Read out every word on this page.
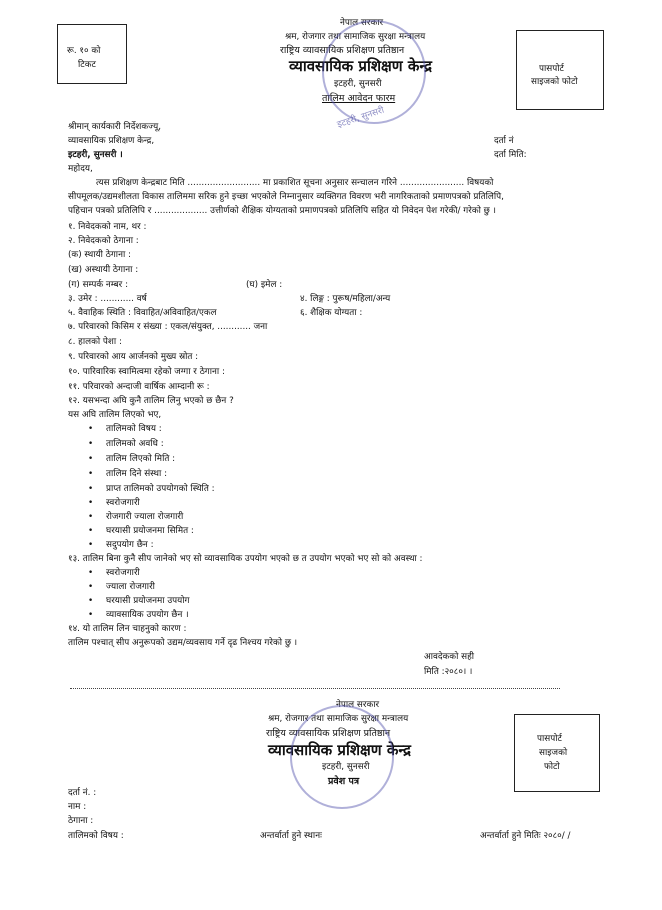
रू. १० को
टिकट
नेपाल सरकार
श्रम, रोजगार तथा सामाजिक सुरक्षा मन्त्रालय
राष्ट्रिय व्यावसायिक प्रशिक्षण प्रतिष्ठान
व्यावसायिक प्रशिक्षण केन्द्र
इटहरी, सुनसरी
तालिम आवेदन फारम
इटहरी, सुनसरी
पासपोर्ट
साइजको फोटो
श्रीमान् कार्यकारी निर्देशकज्यू,
व्यावसायिक प्रशिक्षण केन्द्र,
इटहरी, सुनसरी ।
महोदय,
दर्ता नं
दर्ता मिति:
त्यस प्रशिक्षण केन्द्रबाट मिति .......................... मा प्रकाशित सूचना अनुसार सन्चालन गरिने ....................... विषयको
सीपमूलक/उद्यमशीलता विकास तालिममा सरिक हुने इच्छा भएकोले निम्नानुसार व्यक्तिगत विवरण भरी नागरिकताको प्रमाणपत्रको प्रतिलिपि,
पहिचान पत्रको प्रतिलिपि र ................... उत्तीर्णको शैक्षिक योग्यताको प्रमाणपत्रको प्रतिलिपि सहित यो निवेदन पेश गरेकी/ गरेको छु ।
१. निवेदकको नाम, थर :
२. निवेदकको ठेगाना :
(क) स्थायी ठेगाना :
(ख) अस्थायी ठेगाना :
(ग) सम्पर्क नम्बर :	(घ) इमेल :
३. उमेर : ............ वर्ष	४. लिङ्ग : पुरूष/महिला/अन्य
५. वैवाहिक स्थिति : विवाहित/अविवाहित/एकल	६. शैक्षिक योग्यता :
७. परिवारको किसिम र संख्या : एकल/संयुक्त, ............ जना
८. हालको पेशा :
९. परिवारको आय आर्जनको मुख्य स्रोत :
१०. पारिवारिक स्वामित्वमा रहेको जग्गा र ठेगाना :
११. परिवारको अन्दाजी वार्षिक आम्दानी रू :
१२. यसभन्दा अघि कुनै तालिम लिनु भएको छ छैन ?
यस अघि तालिम लिएको भए,
• तालिमको विषय :
• तालिमको अवधि :
• तालिम लिएको मिति :
• तालिम दिने संस्था :
• प्राप्त तालिमको उपयोगको स्थिति :
• स्वरोजगारी
• रोजगारी ज्याला रोजगारी
• घरयासी प्रयोजनमा सिमित :
• सदुपयोग छैन :
१३. तालिम बिना कुनै सीप जानेको भए सो व्यावसायिक उपयोग भएको छ त उपयोग भएको भए सो को अवस्था :
• स्वरोजगारी
• ज्याला रोजगारी
• घरयासी प्रयोजनमा उपयोग
• व्यावसायिक उपयोग छैन ।
१४. यो तालिम लिन चाहनुको कारण :
तालिम पश्चात् सीप अनुरूपको उद्यम/व्यवसाय गर्ने दृढ निश्चय गरेको छु ।
आवदेकको सही
मिति :२०८०। ।
नेपाल सरकार
श्रम, रोजगार तथा सामाजिक सुरक्षा मन्त्रालय
राष्ट्रिय व्यावसायिक प्रशिक्षण प्रतिष्ठान
व्यावसायिक प्रशिक्षण केन्द्र
इटहरी, सुनसरी
प्रवेश पत्र
पासपोर्ट
साइजको
फोटो
दर्ता नं. :
नाम :
ठेगाना :
तालिमको विषय :	अन्तर्वार्ता हुने स्थानः	अन्तर्वार्ता हुने मितिः २०८०/ /
